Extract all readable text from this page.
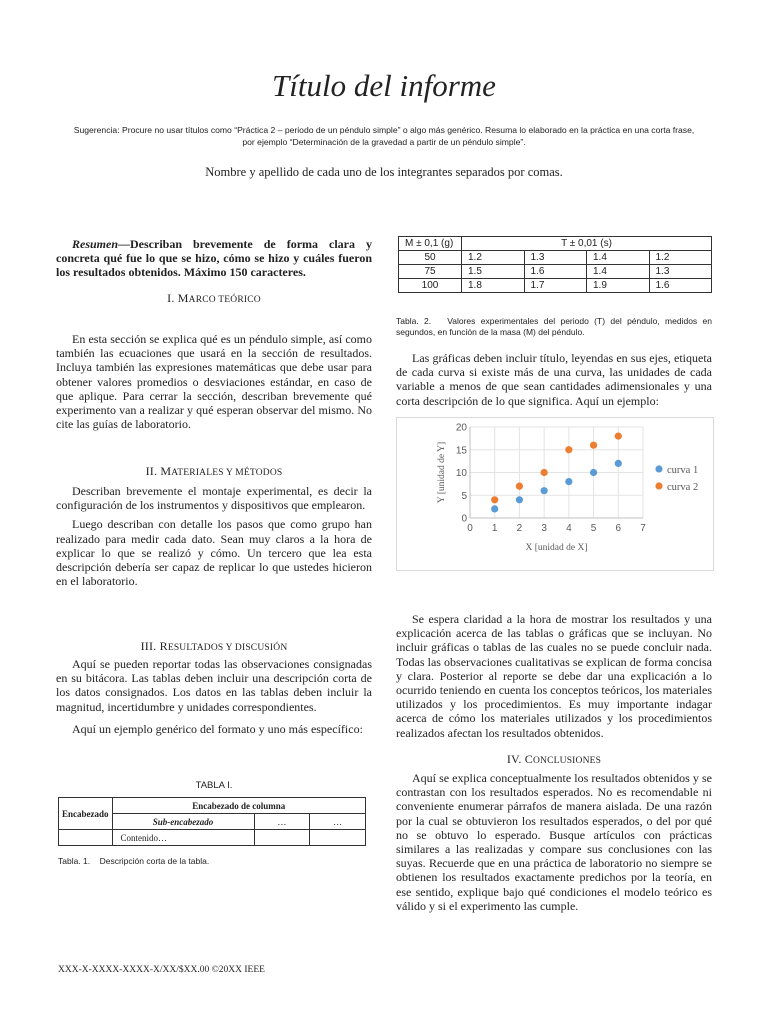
Título del informe
Sugerencia: Procure no usar títulos como “Práctica 2 – periodo de un péndulo simple” o algo más genérico. Resuma lo elaborado en la práctica en una corta frase,
por ejemplo “Determinación de la gravedad a partir de un péndulo simple”.
Nombre y apellido de cada uno de los integrantes separados por comas.

Resumen—Describan brevemente de forma clara y concreta qué fue lo que se hizo, cómo se hizo y cuáles fueron los resultados obtenidos. Máximo 150 caracteres.

I. MARCO TEÓRICO

En esta sección se explica qué es un péndulo simple, así como también las ecuaciones que usará en la sección de resultados. Incluya también las expresiones matemáticas que debe usar para obtener valores promedios o desviaciones estándar, en caso de que aplique. Para cerrar la sección, describan brevemente qué experimento van a realizar y qué esperan observar del mismo. No cite las guías de laboratorio.

II. MATERIALES Y MÉTODOS

Describan brevemente el montaje experimental, es decir la configuración de los instrumentos y dispositivos que emplearon.

Luego describan con detalle los pasos que como grupo han realizado para medir cada dato. Sean muy claros a la hora de explicar lo que se realizó y cómo. Un tercero que lea esta descripción debería ser capaz de replicar lo que ustedes hicieron en el laboratorio.

III. RESULTADOS Y DISCUSIÓN

Aquí se pueden reportar todas las observaciones consignadas en su bitácora. Las tablas deben incluir una descripción corta de los datos consignados. Los datos en las tablas deben incluir la magnitud, incertidumbre y unidades correspondientes.

Aquí un ejemplo genérico del formato y uno más específico:

TABLA I.
Encabezado	Encabezado de columna		
	Sub-encabezado	…	…
	Contenido…		
Tabla. 1. Descripción corta de la tabla.
M ± 0,1 (g)	T ± 0,01 (s)			
50	1.2	1.3	1.4	1.2
75	1.5	1.6	1.4	1.3
100	1.8	1.7	1.9	1.6
Tabla. 2. Valores experimentales del periodo (T) del péndulo, medidos en segundos, en función de la masa (M) del péndulo.

Las gráficas deben incluir título, leyendas en sus ejes, etiqueta de cada curva si existe más de una curva, las unidades de cada variable a menos de que sean cantidades adimensionales y una corta descripción de lo que significa. Aquí un ejemplo:

0 1 2 3 4 5 6 7
0
5
10
15
20
X [unidad de X]
Y [unidad de Y]	curva 1
curva 2

Se espera claridad a la hora de mostrar los resultados y una explicación acerca de las tablas o gráficas que se incluyan. No incluir gráficas o tablas de las cuales no se puede concluir nada. Todas las observaciones cualitativas se explican de forma concisa y clara. Posterior al reporte se debe dar una explicación a lo ocurrido teniendo en cuenta los conceptos teóricos, los materiales utilizados y los procedimientos. Es muy importante indagar acerca de cómo los materiales utilizados y los procedimientos realizados afectan los resultados obtenidos.

IV. CONCLUSIONES

Aquí se explica conceptualmente los resultados obtenidos y se contrastan con los resultados esperados. No es recomendable ni conveniente enumerar párrafos de manera aislada. De una razón por la cual se obtuvieron los resultados esperados, o del por qué no se obtuvo lo esperado. Busque artículos con prácticas similares a las realizadas y compare sus conclusiones con las suyas. Recuerde que en una práctica de laboratorio no siempre se obtienen los resultados exactamente predichos por la teoría, en ese sentido, explique bajo qué condiciones el modelo teórico es válido y si el experimento las cumple.

XXX-X-XXXX-XXXX-X/XX/$XX.00 ©20XX IEEE
